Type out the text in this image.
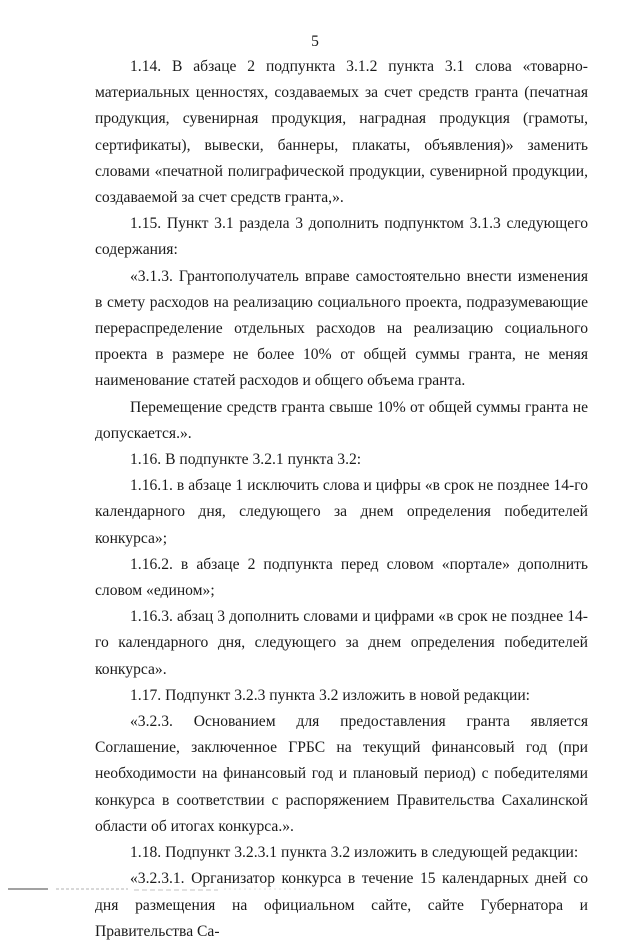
5

1.14. В абзаце 2 подпункта 3.1.2 пункта 3.1 слова «товарно-материальных ценностях, создаваемых за счет средств гранта (печатная продукция, сувенирная продукция, наградная продукция (грамоты, сертификаты), вывески, баннеры, плакаты, объявления)» заменить словами «печатной полиграфической продукции, сувенирной продукции, создаваемой за счет средств гранта,».

1.15. Пункт 3.1 раздела 3 дополнить подпунктом 3.1.3 следующего содержания:

«3.1.3. Грантополучатель вправе самостоятельно внести изменения в смету расходов на реализацию социального проекта, подразумевающие перераспределение отдельных расходов на реализацию социального проекта в размере не более 10% от общей суммы гранта, не меняя наименование статей расходов и общего объема гранта.

Перемещение средств гранта свыше 10% от общей суммы гранта не допускается.».

1.16. В подпункте 3.2.1 пункта 3.2:

1.16.1. в абзаце 1 исключить слова и цифры «в срок не позднее 14-го календарного дня, следующего за днем определения победителей конкурса»;

1.16.2. в абзаце 2 подпункта перед словом «портале» дополнить словом «едином»;

1.16.3. абзац 3 дополнить словами и цифрами «в срок не позднее 14-го календарного дня, следующего за днем определения победителей конкурса».

1.17. Подпункт 3.2.3 пункта 3.2 изложить в новой редакции:

«3.2.3. Основанием для предоставления гранта является Соглашение, заключенное ГРБС на текущий финансовый год (при необходимости на финансовый год и плановый период) с победителями конкурса в соответствии с распоряжением Правительства Сахалинской области об итогах конкурса.».

1.18. Подпункт 3.2.3.1 пункта 3.2 изложить в следующей редакции:

«3.2.3.1. Организатор конкурса в течение 15 календарных дней со дня размещения на официальном сайте, сайте Губернатора и Правительства Са-
